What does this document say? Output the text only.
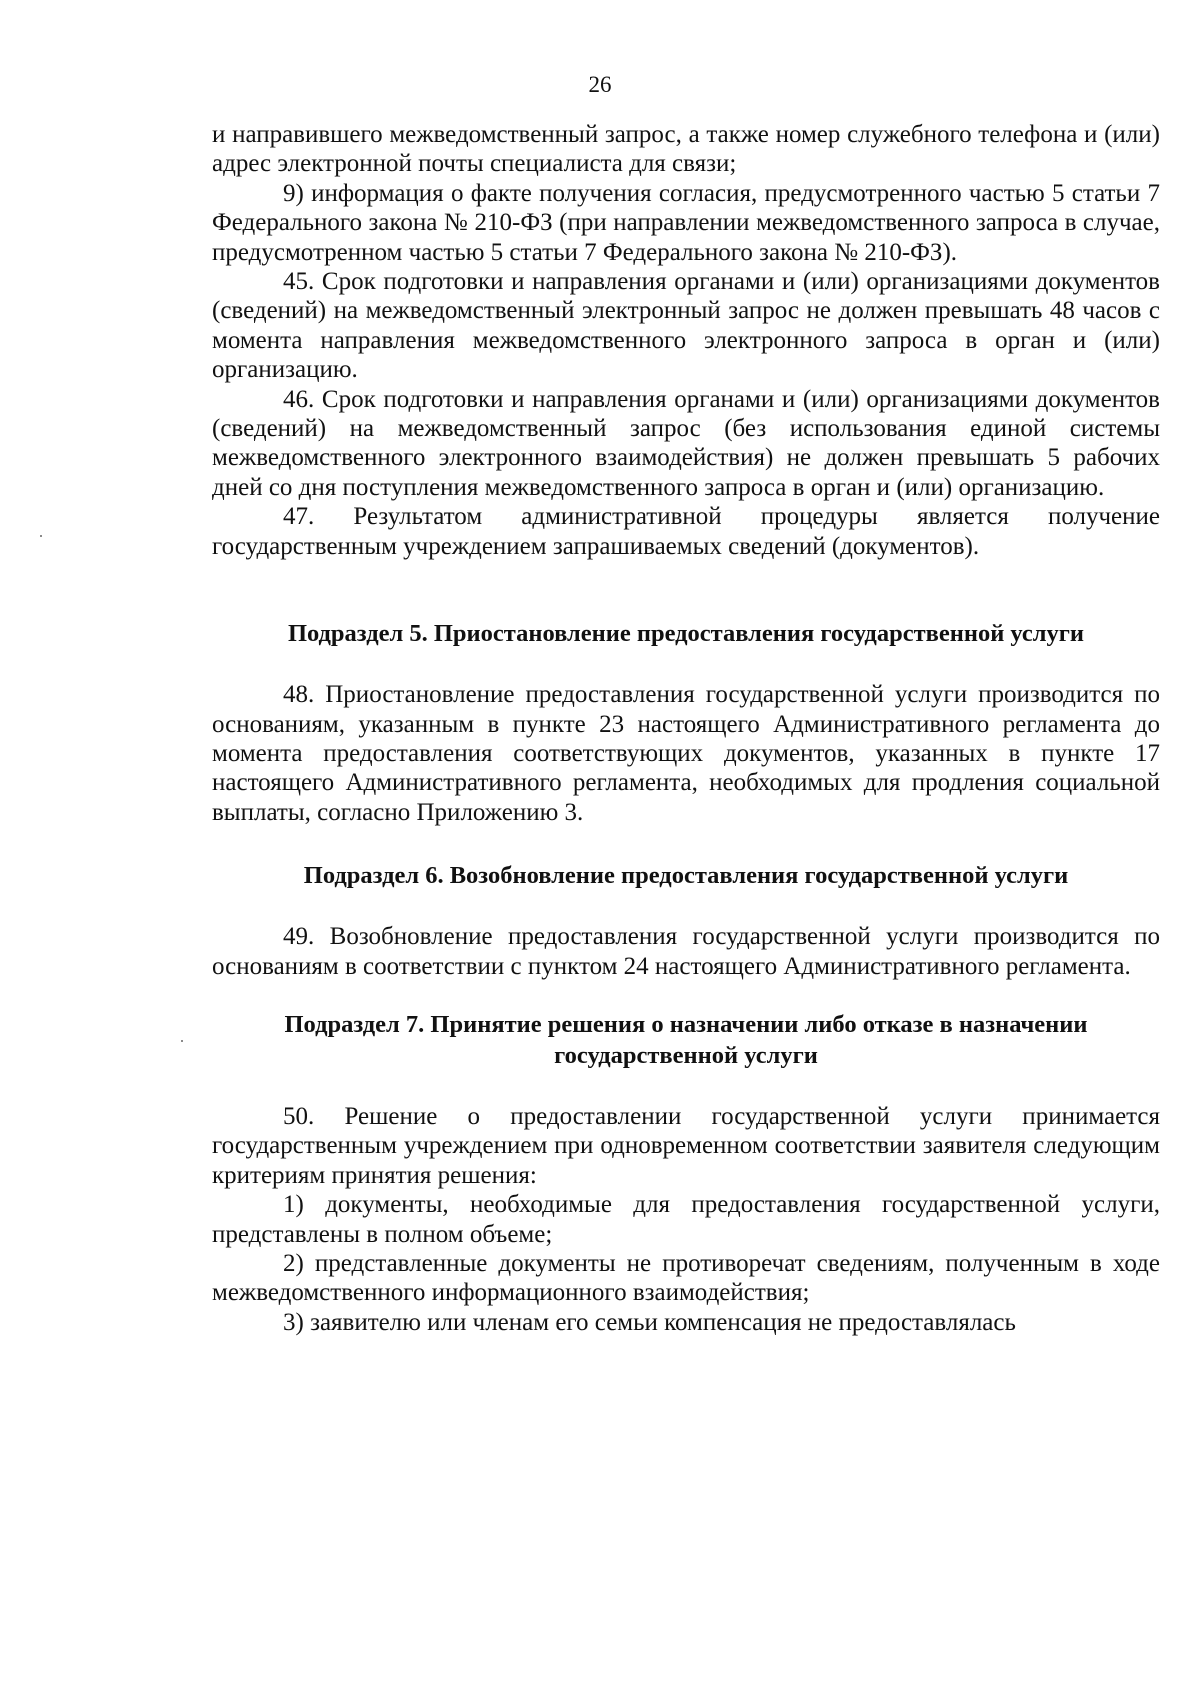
26

и направившего межведомственный запрос, а также номер служебного телефона и (или) адрес электронной почты специалиста для связи;

9) информация о факте получения согласия, предусмотренного частью 5 статьи 7 Федерального закона № 210-ФЗ (при направлении межведомственного запроса в случае, предусмотренном частью 5 статьи 7 Федерального закона № 210-ФЗ).

45. Срок подготовки и направления органами и (или) организациями документов (сведений) на межведомственный электронный запрос не должен превышать 48 часов с момента направления межведомственного электронного запроса в орган и (или) организацию.

46. Срок подготовки и направления органами и (или) организациями документов (сведений) на межведомственный запрос (без использования единой системы межведомственного электронного взаимодействия) не должен превышать 5 рабочих дней со дня поступления межведомственного запроса в орган и (или) организацию.

47. Результатом административной процедуры является получение государственным учреждением запрашиваемых сведений (документов).

Подраздел 5. Приостановление предоставления государственной услуги

48. Приостановление предоставления государственной услуги производится по основаниям, указанным в пункте 23 настоящего Административного регламента до момента предоставления соответствующих документов, указанных в пункте 17 настоящего Административного регламента, необходимых для продления социальной выплаты, согласно Приложению 3.

Подраздел 6. Возобновление предоставления государственной услуги

49. Возобновление предоставления государственной услуги производится по основаниям в соответствии с пунктом 24 настоящего Административного регламента.

Подраздел 7. Принятие решения о назначении либо отказе в назначении

государственной услуги

50. Решение о предоставлении государственной услуги принимается государственным учреждением при одновременном соответствии заявителя следующим критериям принятия решения:

1) документы, необходимые для предоставления государственной услуги, представлены в полном объеме;

2) представленные документы не противоречат сведениям, полученным в ходе межведомственного информационного взаимодействия;

3) заявителю или членам его семьи компенсация не предоставлялась
